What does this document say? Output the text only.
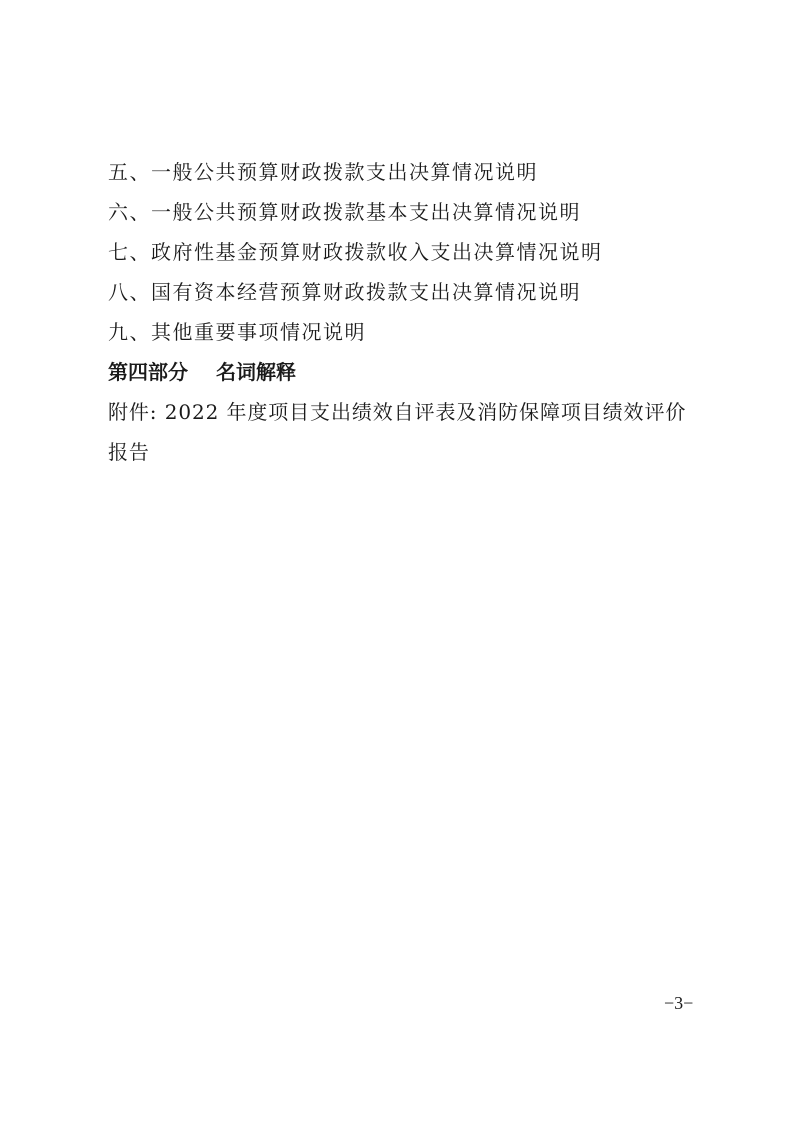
五、一般公共预算财政拨款支出决算情况说明
六、一般公共预算财政拨款基本支出决算情况说明
七、政府性基金预算财政拨款收入支出决算情况说明
八、国有资本经营预算财政拨款支出决算情况说明
九、其他重要事项情况说明
第四部分 名词解释
附件: 2022 年度项目支出绩效自评表及消防保障项目绩效评价报告
−3−
